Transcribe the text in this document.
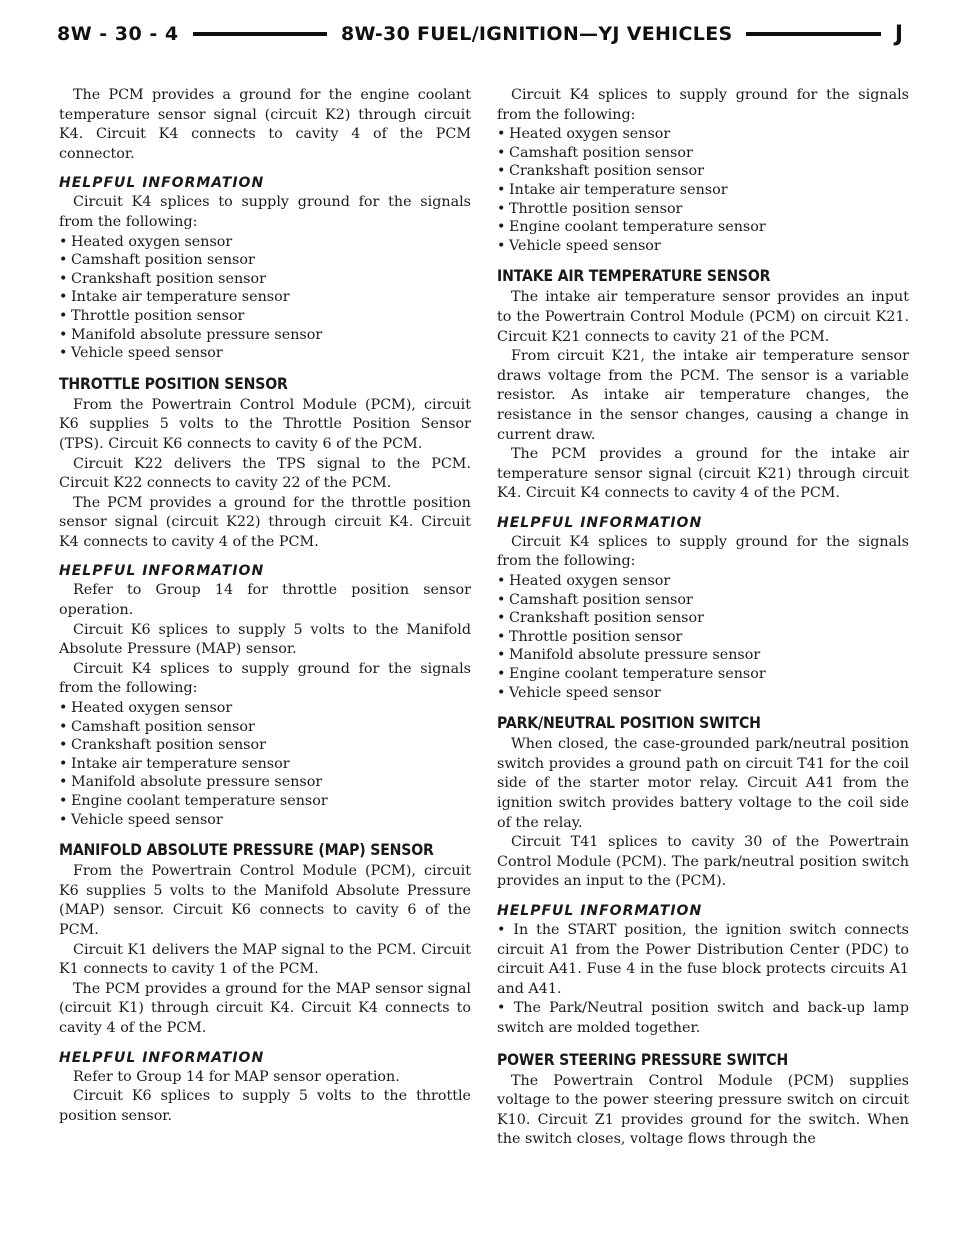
8W - 30 - 4	8W-30 FUEL/IGNITION—YJ VEHICLES	J

The PCM provides a ground for the engine coolant temperature sensor signal (circuit K2) through circuit K4. Circuit K4 connects to cavity 4 of the PCM connector.

HELPFUL INFORMATION

Circuit K4 splices to supply ground for the signals from the following:

• Heated oxygen sensor
• Camshaft position sensor
• Crankshaft position sensor
• Intake air temperature sensor
• Throttle position sensor
• Manifold absolute pressure sensor
• Vehicle speed sensor
THROTTLE POSITION SENSOR

From the Powertrain Control Module (PCM), circuit K6 supplies 5 volts to the Throttle Position Sensor (TPS). Circuit K6 connects to cavity 6 of the PCM.

Circuit K22 delivers the TPS signal to the PCM. Circuit K22 connects to cavity 22 of the PCM.

The PCM provides a ground for the throttle position sensor signal (circuit K22) through circuit K4. Circuit K4 connects to cavity 4 of the PCM.

HELPFUL INFORMATION

Refer to Group 14 for throttle position sensor operation.

Circuit K6 splices to supply 5 volts to the Manifold Absolute Pressure (MAP) sensor.

Circuit K4 splices to supply ground for the signals from the following:

• Heated oxygen sensor
• Camshaft position sensor
• Crankshaft position sensor
• Intake air temperature sensor
• Manifold absolute pressure sensor
• Engine coolant temperature sensor
• Vehicle speed sensor
MANIFOLD ABSOLUTE PRESSURE (MAP) SENSOR

From the Powertrain Control Module (PCM), circuit K6 supplies 5 volts to the Manifold Absolute Pressure (MAP) sensor. Circuit K6 connects to cavity 6 of the PCM.

Circuit K1 delivers the MAP signal to the PCM. Circuit K1 connects to cavity 1 of the PCM.

The PCM provides a ground for the MAP sensor signal (circuit K1) through circuit K4. Circuit K4 connects to cavity 4 of the PCM.

HELPFUL INFORMATION

Refer to Group 14 for MAP sensor operation.

Circuit K6 splices to supply 5 volts to the throttle position sensor.

Circuit K4 splices to supply ground for the signals from the following:

• Heated oxygen sensor
• Camshaft position sensor
• Crankshaft position sensor
• Intake air temperature sensor
• Throttle position sensor
• Engine coolant temperature sensor
• Vehicle speed sensor
INTAKE AIR TEMPERATURE SENSOR

The intake air temperature sensor provides an input to the Powertrain Control Module (PCM) on circuit K21. Circuit K21 connects to cavity 21 of the PCM.

From circuit K21, the intake air temperature sensor draws voltage from the PCM. The sensor is a variable resistor. As intake air temperature changes, the resistance in the sensor changes, causing a change in current draw.

The PCM provides a ground for the intake air temperature sensor signal (circuit K21) through circuit K4. Circuit K4 connects to cavity 4 of the PCM.

HELPFUL INFORMATION

Circuit K4 splices to supply ground for the signals from the following:

• Heated oxygen sensor
• Camshaft position sensor
• Crankshaft position sensor
• Throttle position sensor
• Manifold absolute pressure sensor
• Engine coolant temperature sensor
• Vehicle speed sensor
PARK/NEUTRAL POSITION SWITCH

When closed, the case-grounded park/neutral position switch provides a ground path on circuit T41 for the coil side of the starter motor relay. Circuit A41 from the ignition switch provides battery voltage to the coil side of the relay.

Circuit T41 splices to cavity 30 of the Powertrain Control Module (PCM). The park/neutral position switch provides an input to the (PCM).

HELPFUL INFORMATION

• In the START position, the ignition switch connects circuit A1 from the Power Distribution Center (PDC) to circuit A41. Fuse 4 in the fuse block protects circuits A1 and A41.

• The Park/Neutral position switch and back-up lamp switch are molded together.

POWER STEERING PRESSURE SWITCH

The Powertrain Control Module (PCM) supplies voltage to the power steering pressure switch on circuit K10. Circuit Z1 provides ground for the switch. When the switch closes, voltage flows through the
